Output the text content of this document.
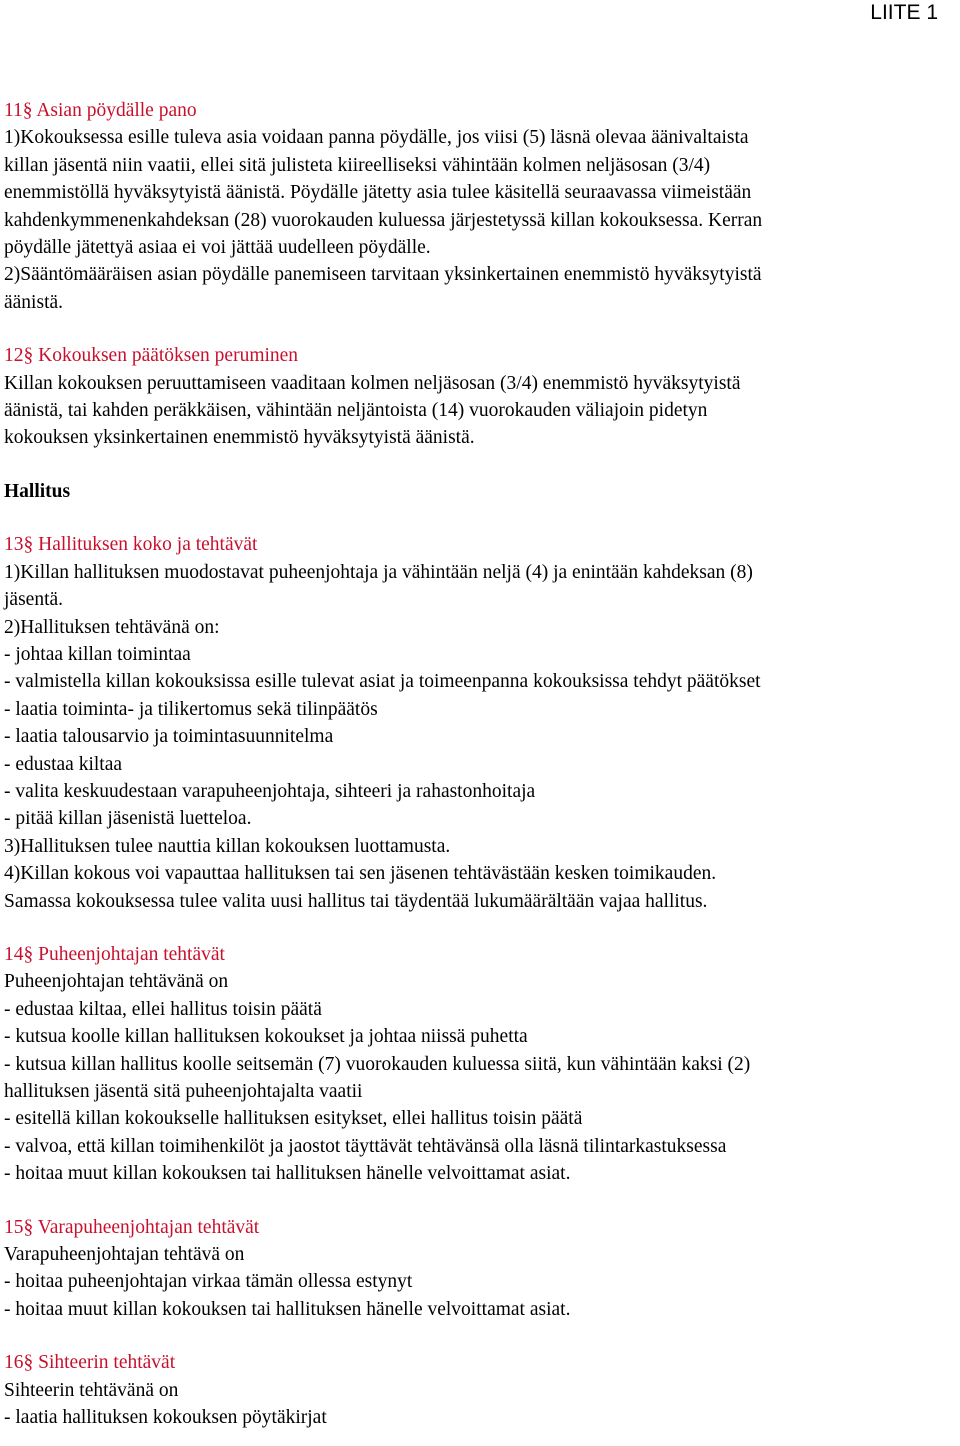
LIITE 1
11§ Asian pöydälle pano
1)Kokouksessa esille tuleva asia voidaan panna pöydälle, jos viisi (5) läsnä olevaa äänivaltaista
killan jäsentä niin vaatii, ellei sitä julisteta kiireelliseksi vähintään kolmen neljäsosan (3/4)
enemmistöllä hyväksytyistä äänistä. Pöydälle jätetty asia tulee käsitellä seuraavassa viimeistään
kahdenkymmenenkahdeksan (28) vuorokauden kuluessa järjestetyssä killan kokouksessa. Kerran
pöydälle jätettyä asiaa ei voi jättää uudelleen pöydälle.
2)Sääntömääräisen asian pöydälle panemiseen tarvitaan yksinkertainen enemmistö hyväksytyistä
äänistä.
12§ Kokouksen päätöksen peruminen
Killan kokouksen peruuttamiseen vaaditaan kolmen neljäsosan (3/4) enemmistö hyväksytyistä
äänistä, tai kahden peräkkäisen, vähintään neljäntoista (14) vuorokauden väliajoin pidetyn
kokouksen yksinkertainen enemmistö hyväksytyistä äänistä.
Hallitus
13§ Hallituksen koko ja tehtävät
1)Killan hallituksen muodostavat puheenjohtaja ja vähintään neljä (4) ja enintään kahdeksan (8)
jäsentä.
2)Hallituksen tehtävänä on:
- johtaa killan toimintaa
- valmistella killan kokouksissa esille tulevat asiat ja toimeenpanna kokouksissa tehdyt päätökset
- laatia toiminta- ja tilikertomus sekä tilinpäätös
- laatia talousarvio ja toimintasuunnitelma
- edustaa kiltaa
- valita keskuudestaan varapuheenjohtaja, sihteeri ja rahastonhoitaja
- pitää killan jäsenistä luetteloa.
3)Hallituksen tulee nauttia killan kokouksen luottamusta.
4)Killan kokous voi vapauttaa hallituksen tai sen jäsenen tehtävästään kesken toimikauden.
Samassa kokouksessa tulee valita uusi hallitus tai täydentää lukumäärältään vajaa hallitus.
14§ Puheenjohtajan tehtävät
Puheenjohtajan tehtävänä on
- edustaa kiltaa, ellei hallitus toisin päätä
- kutsua koolle killan hallituksen kokoukset ja johtaa niissä puhetta
- kutsua killan hallitus koolle seitsemän (7) vuorokauden kuluessa siitä, kun vähintään kaksi (2)
hallituksen jäsentä sitä puheenjohtajalta vaatii
- esitellä killan kokoukselle hallituksen esitykset, ellei hallitus toisin päätä
- valvoa, että killan toimihenkilöt ja jaostot täyttävät tehtävänsä olla läsnä tilintarkastuksessa
- hoitaa muut killan kokouksen tai hallituksen hänelle velvoittamat asiat.
15§ Varapuheenjohtajan tehtävät
Varapuheenjohtajan tehtävä on
- hoitaa puheenjohtajan virkaa tämän ollessa estynyt
- hoitaa muut killan kokouksen tai hallituksen hänelle velvoittamat asiat.
16§ Sihteerin tehtävät
Sihteerin tehtävänä on
- laatia hallituksen kokouksen pöytäkirjat
